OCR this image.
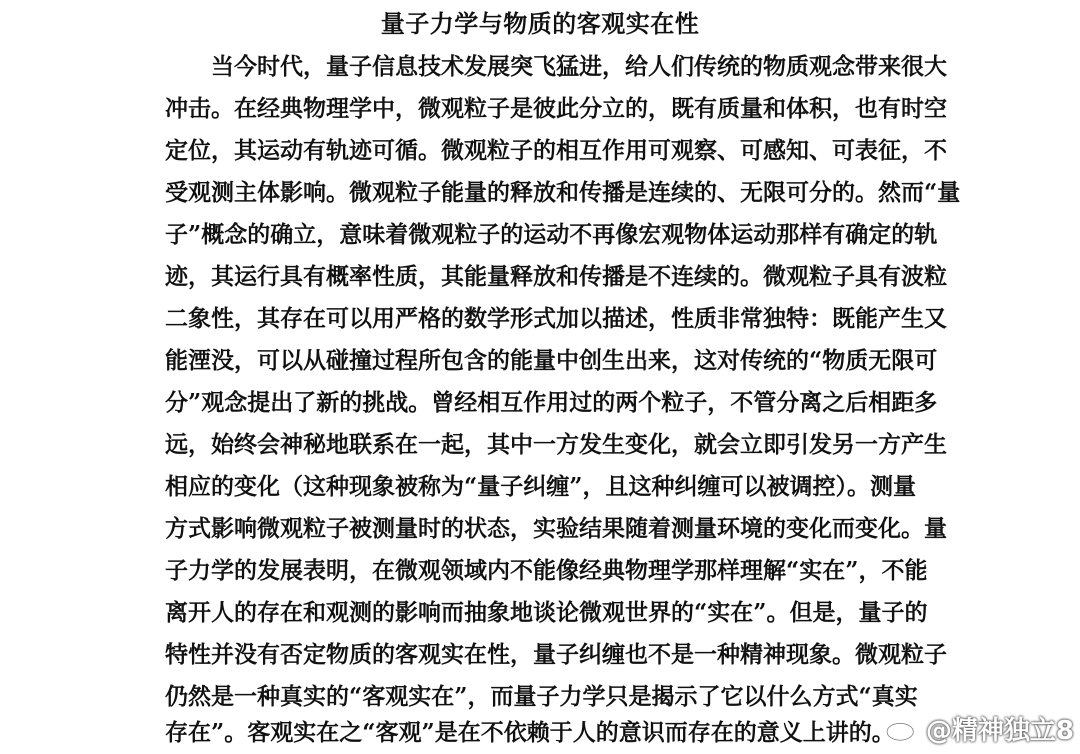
量子力学与物质的客观实在性
当今时代，量子信息技术发展突飞猛进，给人们传统的物质观念带来很大
冲击。在经典物理学中，微观粒子是彼此分立的，既有质量和体积，也有时空
定位，其运动有轨迹可循。微观粒子的相互作用可观察、可感知、可表征，不
受观测主体影响。微观粒子能量的释放和传播是连续的、无限可分的。然而“量
子”概念的确立，意味着微观粒子的运动不再像宏观物体运动那样有确定的轨
迹，其运行具有概率性质，其能量释放和传播是不连续的。微观粒子具有波粒
二象性，其存在可以用严格的数学形式加以描述，性质非常独特：既能产生又
能湮没，可以从碰撞过程所包含的能量中创生出来，这对传统的“物质无限可
分”观念提出了新的挑战。曾经相互作用过的两个粒子，不管分离之后相距多
远，始终会神秘地联系在一起，其中一方发生变化，就会立即引发另一方产生
相应的变化（这种现象被称为“量子纠缠”，且这种纠缠可以被调控）。测量
方式影响微观粒子被测量时的状态，实验结果随着测量环境的变化而变化。量
子力学的发展表明，在微观领域内不能像经典物理学那样理解“实在”，不能
离开人的存在和观测的影响而抽象地谈论微观世界的“实在”。但是，量子的
特性并没有否定物质的客观实在性，量子纠缠也不是一种精神现象。微观粒子
仍然是一种真实的“客观实在”，而量子力学只是揭示了它以什么方式“真实
存在”。客观实在之“客观”是在不依赖于人的意识而存在的意义上讲的。	@精神独立8
